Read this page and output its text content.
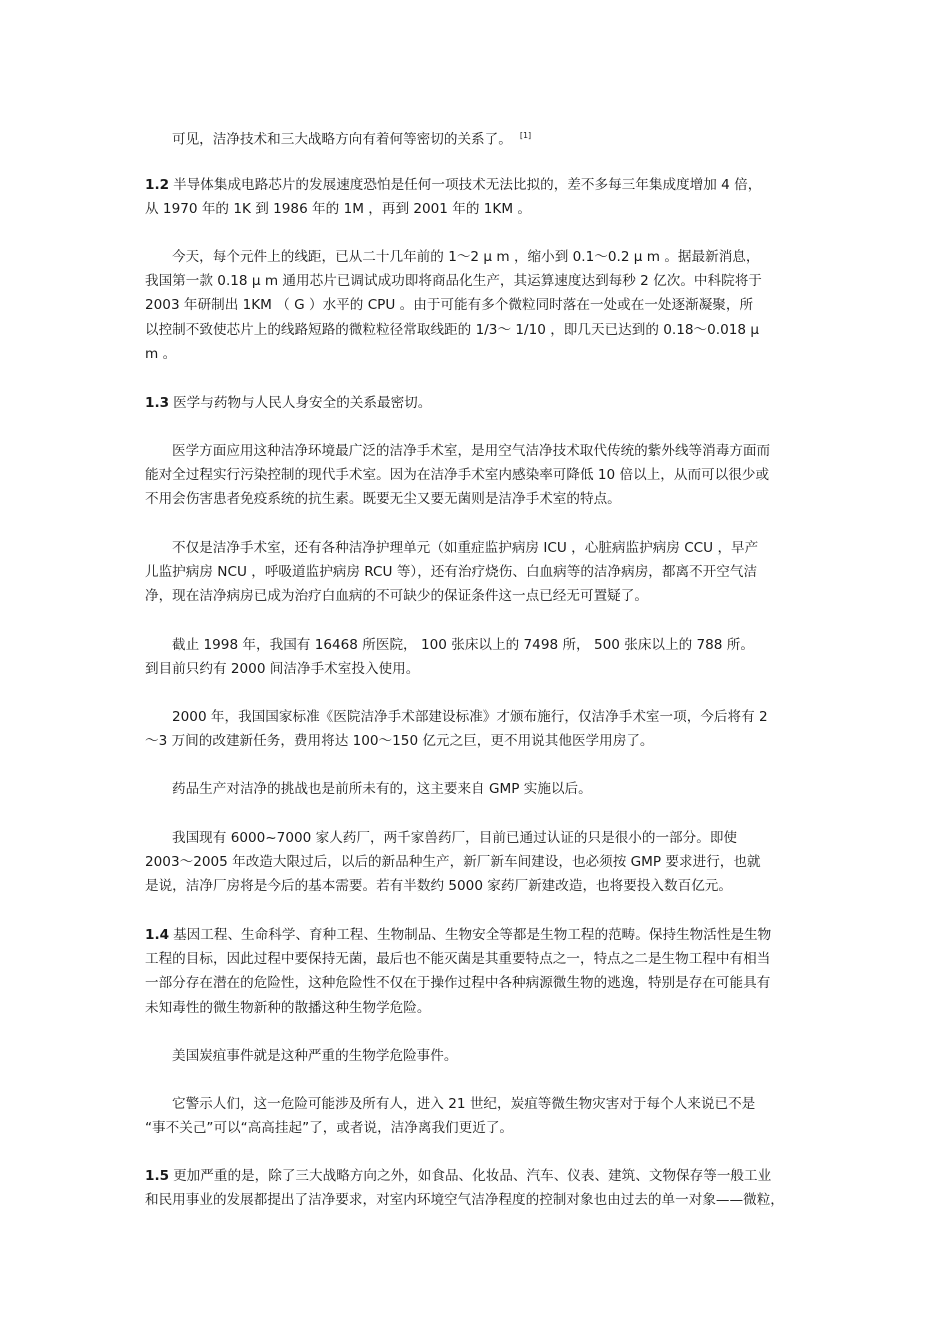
可见，洁净技术和三大战略方向有着何等密切的关系了。 [1]

1.2 半导体集成电路芯片的发展速度恐怕是任何一项技术无法比拟的，差不多每三年集成度增加 4 倍，
从 1970 年的 1K 到 1986 年的 1M ，再到 2001 年的 1KM 。

今天，每个元件上的线距，已从二十几年前的 1～2 μ m ，缩小到 0.1～0.2 μ m 。据最新消息，
我国第一款 0.18 μ m 通用芯片已调试成功即将商品化生产，其运算速度达到每秒 2 亿次。中科院将于
2003 年研制出 1KM （ G ）水平的 CPU 。由于可能有多个微粒同时落在一处或在一处逐渐凝聚，所
以控制不致使芯片上的线路短路的微粒粒径常取线距的 1/3～ 1/10 ，即几天已达到的 0.18～0.018 μ
m 。

1.3 医学与药物与人民人身安全的关系最密切。

医学方面应用这种洁净环境最广泛的洁净手术室，是用空气洁净技术取代传统的紫外线等消毒方面而
能对全过程实行污染控制的现代手术室。因为在洁净手术室内感染率可降低 10 倍以上，从而可以很少或
不用会伤害患者免疫系统的抗生素。既要无尘又要无菌则是洁净手术室的特点。

不仅是洁净手术室，还有各种洁净护理单元（如重症监护病房 ICU ，心脏病监护病房 CCU ，早产
儿监护病房 NCU ，呼吸道监护病房 RCU 等），还有治疗烧伤、白血病等的洁净病房，都离不开空气洁
净，现在洁净病房已成为治疗白血病的不可缺少的保证条件这一点已经无可置疑了。

截止 1998 年，我国有 16468 所医院， 100 张床以上的 7498 所， 500 张床以上的 788 所。
到目前只约有 2000 间洁净手术室投入使用。

2000 年，我国国家标准《医院洁净手术部建设标准》才颁布施行，仅洁净手术室一项，今后将有 2
～3 万间的改建新任务，费用将达 100～150 亿元之巨，更不用说其他医学用房了。

药品生产对洁净的挑战也是前所未有的，这主要来自 GMP 实施以后。

我国现有 6000~7000 家人药厂，两千家兽药厂，目前已通过认证的只是很小的一部分。即使
2003～2005 年改造大限过后，以后的新品种生产，新厂新车间建设，也必须按 GMP 要求进行，也就
是说，洁净厂房将是今后的基本需要。若有半数约 5000 家药厂新建改造，也将要投入数百亿元。

1.4 基因工程、生命科学、育种工程、生物制品、生物安全等都是生物工程的范畴。保持生物活性是生物
工程的目标，因此过程中要保持无菌，最后也不能灭菌是其重要特点之一，特点之二是生物工程中有相当
一部分存在潜在的危险性，这种危险性不仅在于操作过程中各种病源微生物的逃逸，特别是存在可能具有
未知毒性的微生物新种的散播这种生物学危险。

美国炭疽事件就是这种严重的生物学危险事件。

它警示人们，这一危险可能涉及所有人，进入 21 世纪，炭疽等微生物灾害对于每个人来说已不是
“事不关己”可以“高高挂起”了，或者说，洁净离我们更近了。

1.5 更加严重的是，除了三大战略方向之外，如食品、化妆品、汽车、仪表、建筑、文物保存等一般工业
和民用事业的发展都提出了洁净要求，对室内环境空气洁净程度的控制对象也由过去的单一对象——微粒，
